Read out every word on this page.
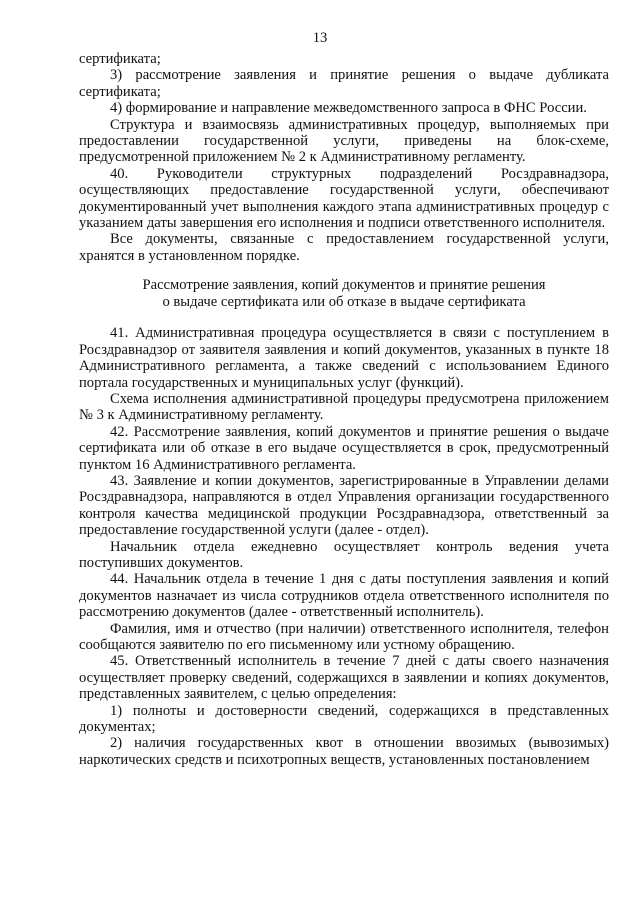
13

сертификата;

3) рассмотрение заявления и принятие решения о выдаче дубликата сертификата;

4) формирование и направление межведомственного запроса в ФНС России.

Структура и взаимосвязь административных процедур, выполняемых при предоставлении государственной услуги, приведены на блок-схеме, предусмотренной приложением № 2 к Административному регламенту.

40. Руководители структурных подразделений Росздравнадзора, осуществляющих предоставление государственной услуги, обеспечивают документированный учет выполнения каждого этапа административных процедур с указанием даты завершения его исполнения и подписи ответственного исполнителя.

Все документы, связанные с предоставлением государственной услуги, хранятся в установленном порядке.

Рассмотрение заявления, копий документов и принятие решения

о выдаче сертификата или об отказе в выдаче сертификата

41. Административная процедура осуществляется в связи с поступлением в Росздравнадзор от заявителя заявления и копий документов, указанных в пункте 18 Административного регламента, а также сведений с использованием Единого портала государственных и муниципальных услуг (функций).

Схема исполнения административной процедуры предусмотрена приложением № 3 к Административному регламенту.

42. Рассмотрение заявления, копий документов и принятие решения о выдаче сертификата или об отказе в его выдаче осуществляется в срок, предусмотренный пунктом 16 Административного регламента.

43. Заявление и копии документов, зарегистрированные в Управлении делами Росздравнадзора, направляются в отдел Управления организации государственного контроля качества медицинской продукции Росздравнадзора, ответственный за предоставление государственной услуги (далее - отдел).

Начальник отдела ежедневно осуществляет контроль ведения учета поступивших документов.

44. Начальник отдела в течение 1 дня с даты поступления заявления и копий документов назначает из числа сотрудников отдела ответственного исполнителя по рассмотрению документов (далее - ответственный исполнитель).

Фамилия, имя и отчество (при наличии) ответственного исполнителя, телефон сообщаются заявителю по его письменному или устному обращению.

45. Ответственный исполнитель в течение 7 дней с даты своего назначения осуществляет проверку сведений, содержащихся в заявлении и копиях документов, представленных заявителем, с целью определения:

1) полноты и достоверности сведений, содержащихся в представленных документах;

2) наличия государственных квот в отношении ввозимых (вывозимых) наркотических средств и психотропных веществ, установленных постановлением
